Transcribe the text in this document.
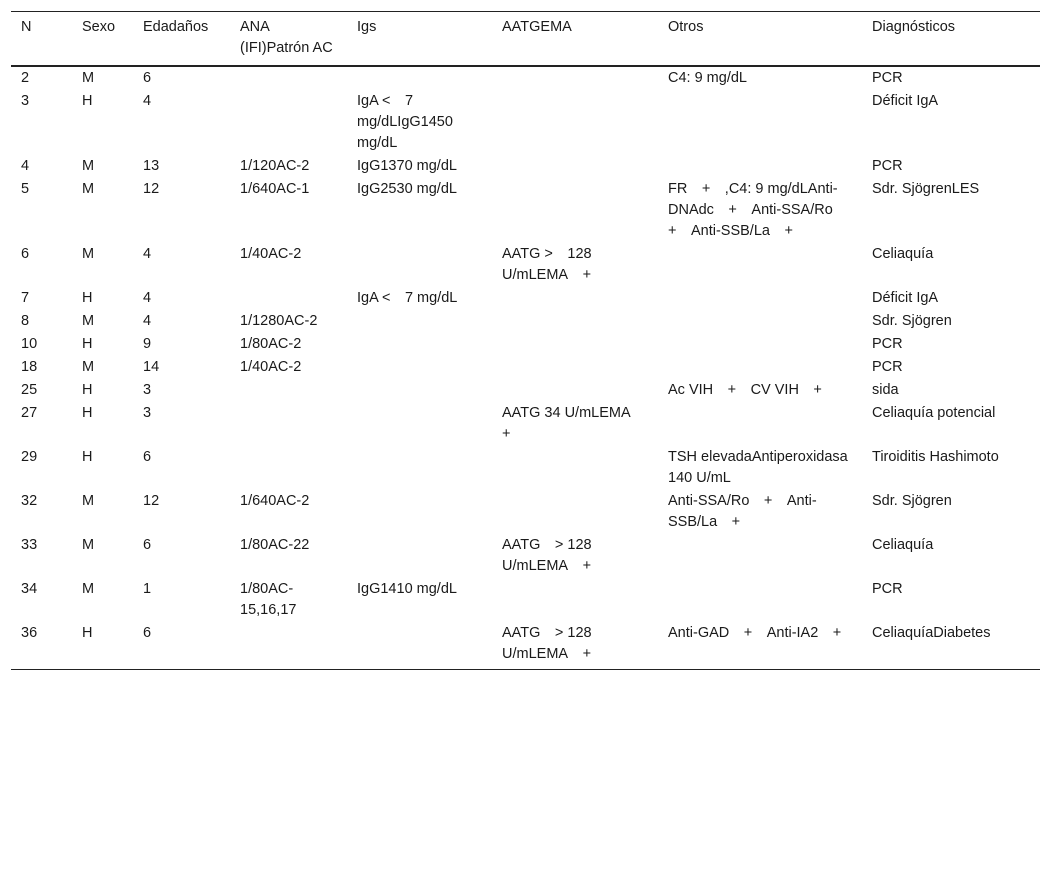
N	Sexo	Edadaños	ANA (IFI)Patrón AC	Igs	AATGEMA	Otros	Diagnósticos
2	M	6				C4: 9 mg/dL	PCR
3	H	4		IgA <  7 mg/dLIgG1450 mg/dL			Déficit IgA
4	M	13	1/120AC-2	IgG1370 mg/dL			PCR
5	M	12	1/640AC-1	IgG2530 mg/dL		FR  +  ,C4: 9 mg/dLAnti-DNAdc  +  Anti-SSA/Ro  +  Anti-SSB/La  +	Sdr. SjögrenLES
6	M	4	1/40AC-2		AATG >  128 U/mLEMA  +		Celiaquía
7	H	4		IgA <  7 mg/dL			Déficit IgA
8	M	4	1/1280AC-2				Sdr. Sjögren
10	H	9	1/80AC-2				PCR
18	M	14	1/40AC-2				PCR
25	H	3				Ac VIH  +  CV VIH  +	sida
27	H	3			AATG 34 U/mLEMA  +		Celiaquía potencial
29	H	6				TSH elevadaAntiperoxidasa 140 U/mL	Tiroiditis Hashimoto
32	M	12	1/640AC-2			Anti-SSA/Ro  +  Anti-SSB/La  +	Sdr. Sjögren
33	M	6	1/80AC-22		AATG  > 128 U/mLEMA  +		Celiaquía
34	M	1	1/80AC-15,16,17	IgG1410 mg/dL			PCR
36	H	6			AATG  > 128 U/mLEMA  +	Anti-GAD  +  Anti-IA2  +	CeliaquíaDiabetes
